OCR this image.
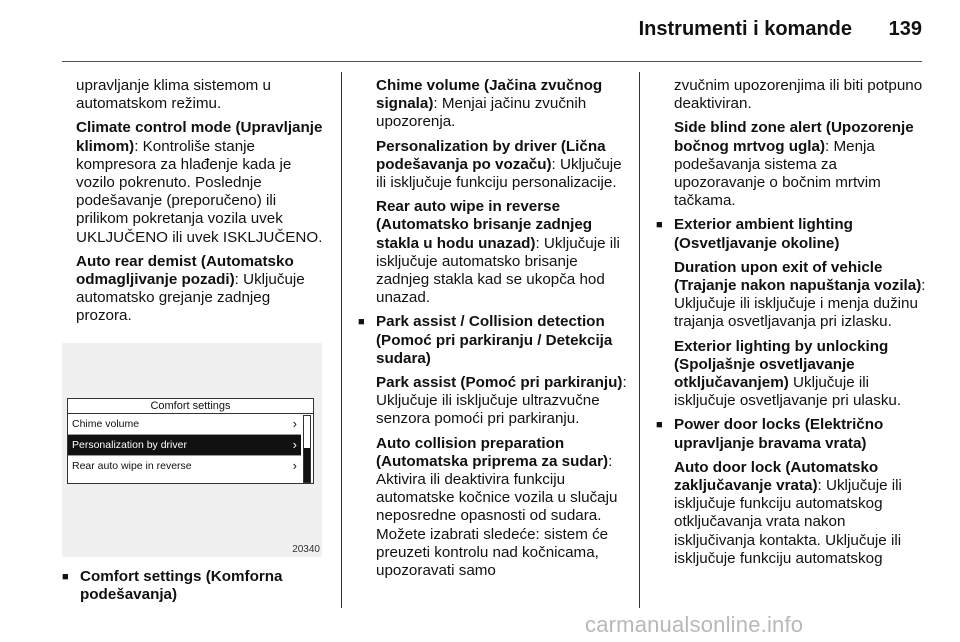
Instrumenti i komande 139

upravljanje klima sistemom u automatskom režimu.

Climate control mode (Upravljanje klimom): Kontroliše stanje kompresora za hlađenje kada je vozilo pokrenuto. Poslednje podešavanje (preporučeno) ili prilikom pokretanja vozila uvek UKLJUČENO ili uvek ISKLJUČENO.

Auto rear demist (Automatsko odmagljivanje pozadi): Uključuje automatsko grejanje zadnjeg prozora.

Comfort settings
Chime volume	›
Personalization by driver	›
Rear auto wipe in reverse	›
20340

■ Comfort settings (Komforna podešavanja)

Chime volume (Jačina zvučnog signala): Menjai jačinu zvučnih upozorenja.

Personalization by driver (Lična podešavanja po vozaču): Uključuje ili isključuje funkciju personalizacije.

Rear auto wipe in reverse (Automatsko brisanje zadnjeg stakla u hodu unazad): Uključuje ili isključuje automatsko brisanje zadnjeg stakla kad se ukopča hod unazad.

■ Park assist / Collision detection (Pomoć pri parkiranju / Detekcija sudara)

Park assist (Pomoć pri parkiranju): Uključuje ili isključuje ultrazvučne senzora pomoći pri parkiranju.

Auto collision preparation (Automatska priprema za sudar): Aktivira ili deaktivira funkciju automatske kočnice vozila u slučaju neposredne opasnosti od sudara. Možete izabrati sledeće: sistem će preuzeti kontrolu nad kočnicama, upozoravati samo

zvučnim upozorenjima ili biti potpuno deaktiviran.

Side blind zone alert (Upozorenje bočnog mrtvog ugla): Menja podešavanja sistema za upozoravanje o bočnim mrtvim tačkama.

■ Exterior ambient lighting (Osvetljavanje okoline)

Duration upon exit of vehicle (Trajanje nakon napuštanja vozila): Uključuje ili isključuje i menja dužinu trajanja osvetljavanja pri izlasku.

Exterior lighting by unlocking (Spoljašnje osvetljavanje otključavanjem) Uključuje ili isključuje osvetljavanje pri ulasku.

■ Power door locks (Električno upravljanje bravama vrata)

Auto door lock (Automatsko zaključavanje vrata): Uključuje ili isključuje funkciju automatskog otključavanja vrata nakon isključivanja kontakta. Uključuje ili isključuje funkciju automatskog

carmanualsonline.info
